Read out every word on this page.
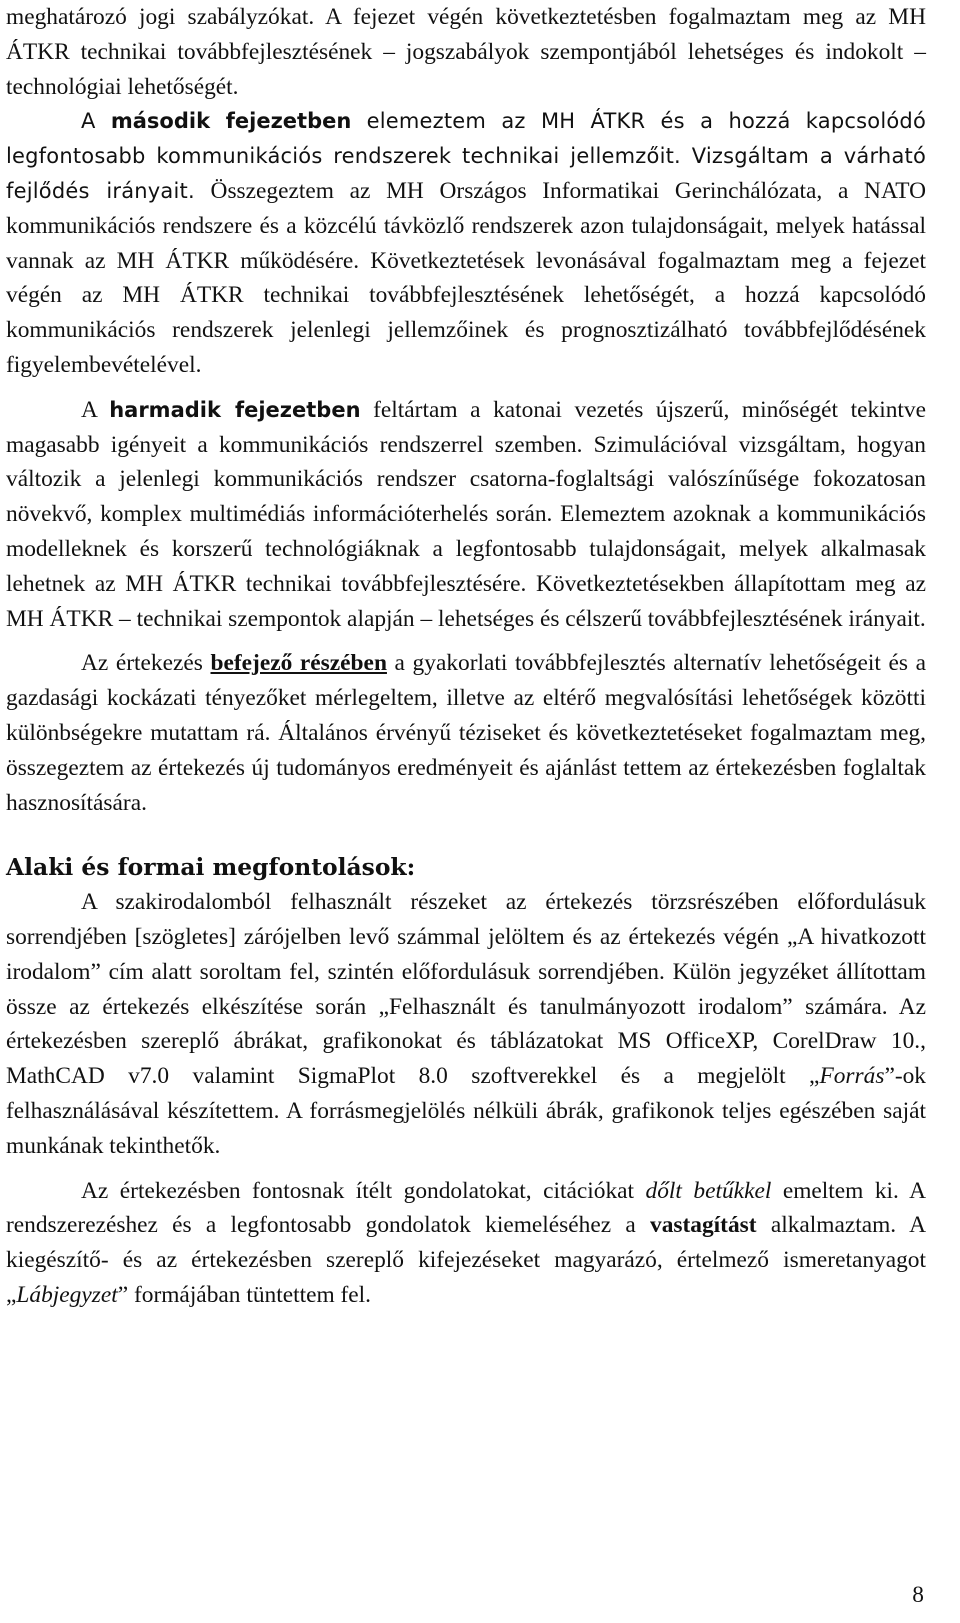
meghatározó jogi szabályzókat. A fejezet végén következtetésben fogalmaztam meg az MH ÁTKR technikai továbbfejlesztésének – jogszabályok szempontjából lehetséges és indokolt – technológiai lehetőségét.

A második fejezetben elemeztem az MH ÁTKR és a hozzá kapcsolódó legfontosabb kommunikációs rendszerek technikai jellemzőit. Vizsgáltam a várható fejlődés irányait. Összegeztem az MH Országos Informatikai Gerinchálózata, a NATO kommunikációs rendszere és a közcélú távközlő rendszerek azon tulajdonságait, melyek hatással vannak az MH ÁTKR működésére. Következtetések levonásával fogalmaztam meg a fejezet végén az MH ÁTKR technikai továbbfejlesztésének lehetőségét, a hozzá kapcsolódó kommunikációs rendszerek jelenlegi jellemzőinek és prognosztizálható továbbfejlődésének figyelembevételével.

A harmadik fejezetben feltártam a katonai vezetés újszerű, minőségét tekintve magasabb igényeit a kommunikációs rendszerrel szemben. Szimulációval vizsgáltam, hogyan változik a jelenlegi kommunikációs rendszer csatorna-foglaltsági valószínűsége fokozatosan növekvő, komplex multimédiás információterhelés során. Elemeztem azoknak a kommunikációs modelleknek és korszerű technológiáknak a legfontosabb tulajdonságait, melyek alkalmasak lehetnek az MH ÁTKR technikai továbbfejlesztésére. Következtetésekben állapítottam meg az MH ÁTKR – technikai szempontok alapján – lehetséges és célszerű továbbfejlesztésének irányait.

Az értekezés befejező részében a gyakorlati továbbfejlesztés alternatív lehetőségeit és a gazdasági kockázati tényezőket mérlegeltem, illetve az eltérő megvalósítási lehetőségek közötti különbségekre mutattam rá. Általános érvényű téziseket és következtetéseket fogalmaztam meg, összegeztem az értekezés új tudományos eredményeit és ajánlást tettem az értekezésben foglaltak hasznosítására.

Alaki és formai megfontolások:

A szakirodalomból felhasznált részeket az értekezés törzsrészében előfordulásuk sorrendjében [szögletes] zárójelben levő számmal jelöltem és az értekezés végén „A hivatkozott irodalom” cím alatt soroltam fel, szintén előfordulásuk sorrendjében. Külön jegyzéket állítottam össze az értekezés elkészítése során „Felhasznált és tanulmányozott irodalom” számára. Az értekezésben szereplő ábrákat, grafikonokat és táblázatokat MS OfficeXP, CorelDraw 10., MathCAD v7.0 valamint SigmaPlot 8.0 szoftverekkel és a megjelölt „Forrás”-ok felhasználásával készítettem. A forrásmegjelölés nélküli ábrák, grafikonok teljes egészében saját munkának tekinthetők.

Az értekezésben fontosnak ítélt gondolatokat, citációkat dőlt betűkkel emeltem ki. A rendszerezéshez és a legfontosabb gondolatok kiemeléséhez a vastagítást alkalmaztam. A kiegészítő- és az értekezésben szereplő kifejezéseket magyarázó, értelmező ismeretanyagot „Lábjegyzet” formájában tüntettem fel.

8
